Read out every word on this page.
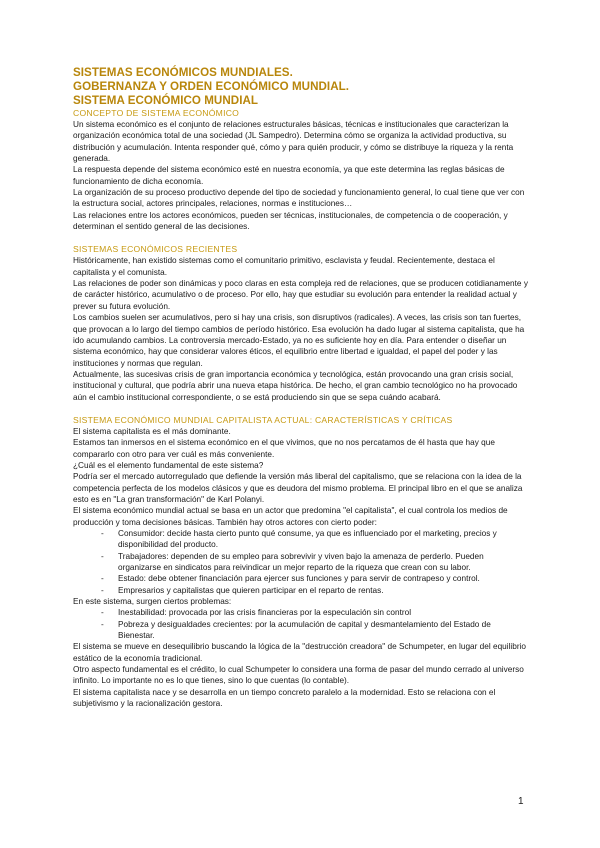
SISTEMAS ECONÓMICOS MUNDIALES.
GOBERNANZA Y ORDEN ECONÓMICO MUNDIAL.
SISTEMA ECONÓMICO MUNDIAL
CONCEPTO DE SISTEMA ECONÓMICO

Un sistema económico es el conjunto de relaciones estructurales básicas, técnicas e institucionales que caracterizan la organización económica total de una sociedad (JL Sampedro). Determina cómo se organiza la actividad productiva, su distribución y acumulación. Intenta responder qué, cómo y para quién producir, y cómo se distribuye la riqueza y la renta generada.

La respuesta depende del sistema económico esté en nuestra economía, ya que este determina las reglas básicas de funcionamiento de dicha economía.

La organización de su proceso productivo depende del tipo de sociedad y funcionamiento general, lo cual tiene que ver con la estructura social, actores principales, relaciones, normas e instituciones…

Las relaciones entre los actores económicos, pueden ser técnicas, institucionales, de competencia o de cooperación, y determinan el sentido general de las decisiones.

SISTEMAS ECONÓMICOS RECIENTES

Históricamente, han existido sistemas como el comunitario primitivo, esclavista y feudal. Recientemente, destaca el capitalista y el comunista.

Las relaciones de poder son dinámicas y poco claras en esta compleja red de relaciones, que se producen cotidianamente y de carácter histórico, acumulativo o de proceso. Por ello, hay que estudiar su evolución para entender la realidad actual y prever su futura evolución.

Los cambios suelen ser acumulativos, pero si hay una crisis, son disruptivos (radicales). A veces, las crisis son tan fuertes, que provocan a lo largo del tiempo cambios de período histórico. Esa evolución ha dado lugar al sistema capitalista, que ha ido acumulando cambios. La controversia mercado-Estado, ya no es suficiente hoy en día. Para entender o diseñar un sistema económico, hay que considerar valores éticos, el equilibrio entre libertad e igualdad, el papel del poder y las instituciones y normas que regulan.

Actualmente, las sucesivas crisis de gran importancia económica y tecnológica, están provocando una gran crisis social, institucional y cultural, que podría abrir una nueva etapa histórica. De hecho, el gran cambio tecnológico no ha provocado aún el cambio institucional correspondiente, o se está produciendo sin que se sepa cuándo acabará.

SISTEMA ECONÓMICO MUNDIAL CAPITALISTA ACTUAL: CARACTERÍSTICAS Y CRÍTICAS

El sistema capitalista es el más dominante.

Estamos tan inmersos en el sistema económico en el que vivimos, que no nos percatamos de él hasta que hay que compararlo con otro para ver cuál es más conveniente.

¿Cuál es el elemento fundamental de este sistema?

Podría ser el mercado autorregulado que defiende la versión más liberal del capitalismo, que se relaciona con la idea de la competencia perfecta de los modelos clásicos y que es deudora del mismo problema. El principal libro en el que se analiza esto es en "La gran transformación" de Karl Polanyi.

El sistema económico mundial actual se basa en un actor que predomina "el capitalista", el cual controla los medios de producción y toma decisiones básicas. También hay otros actores con cierto poder:

- Consumidor: decide hasta cierto punto qué consume, ya que es influenciado por el marketing, precios y disponibilidad del producto.
- Trabajadores: dependen de su empleo para sobrevivir y viven bajo la amenaza de perderlo. Pueden organizarse en sindicatos para reivindicar un mejor reparto de la riqueza que crean con su labor.
- Estado: debe obtener financiación para ejercer sus funciones y para servir de contrapeso y control.
- Empresarios y capitalistas que quieren participar en el reparto de rentas.

En este sistema, surgen ciertos problemas:

- Inestabilidad: provocada por las crisis financieras por la especulación sin control
- Pobreza y desigualdades crecientes: por la acumulación de capital y desmantelamiento del Estado de Bienestar.

El sistema se mueve en desequilibrio buscando la lógica de la "destrucción creadora" de Schumpeter, en lugar del equilibrio estático de la economía tradicional.

Otro aspecto fundamental es el crédito, lo cual Schumpeter lo considera una forma de pasar del mundo cerrado al universo infinito. Lo importante no es lo que tienes, sino lo que cuentas (lo contable).

El sistema capitalista nace y se desarrolla en un tiempo concreto paralelo a la modernidad. Esto se relaciona con el subjetivismo y la racionalización gestora.

1
